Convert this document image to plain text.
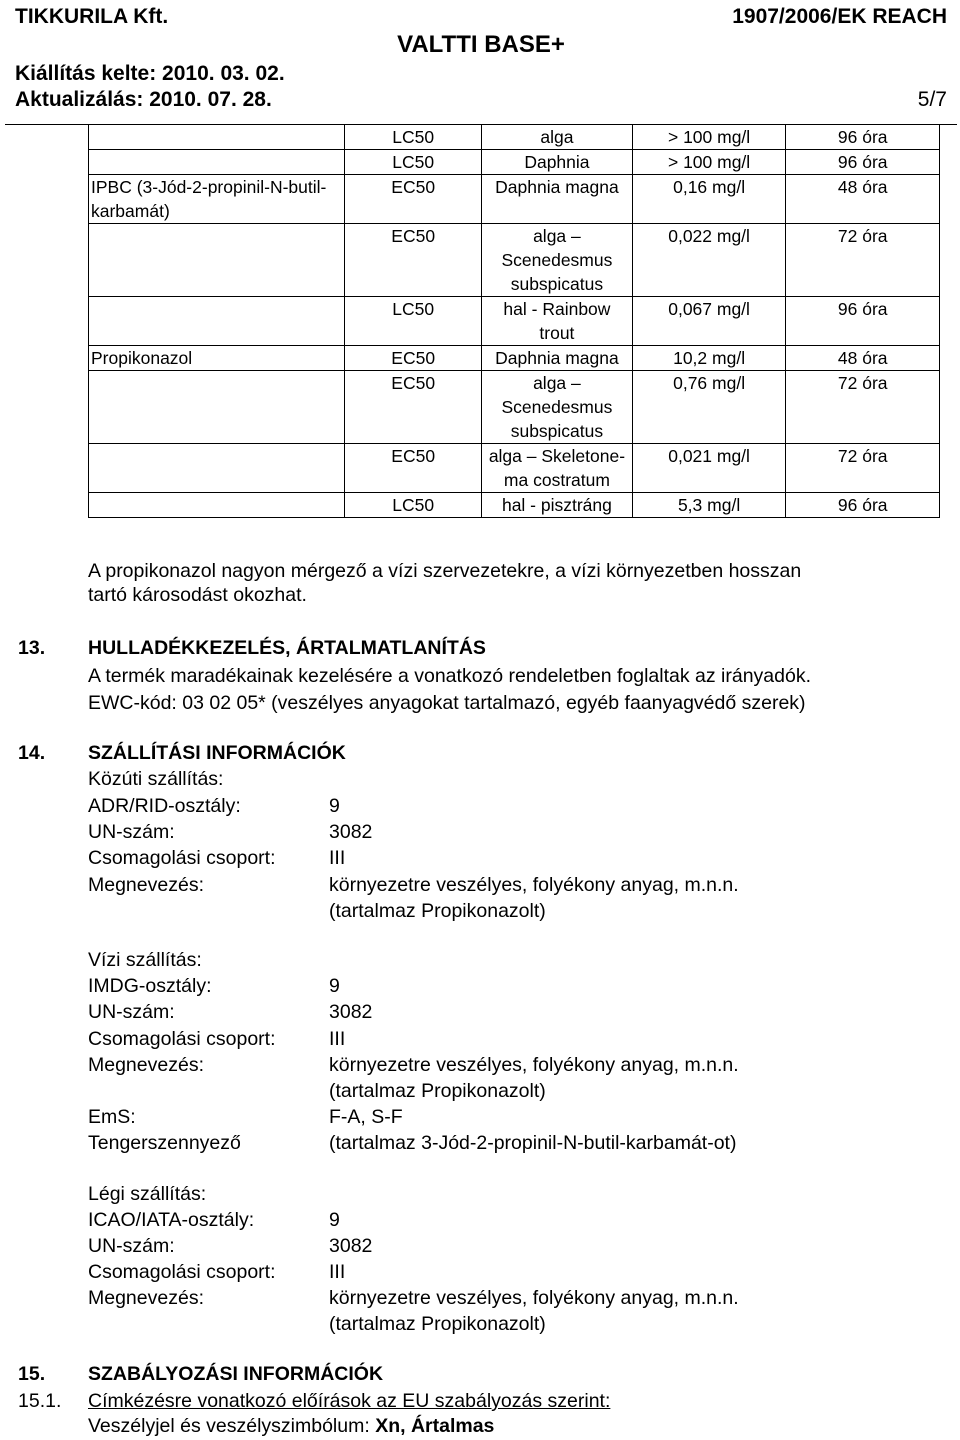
TIKKURILA Kft.	1907/2006/EK REACH
VALTTI BASE+
Kiállítás kelte: 2010. 03. 02.
Aktualizálás: 2010. 07. 28.	5/7
	LC50	alga	> 100 mg/l	96 óra
	LC50	Daphnia	> 100 mg/l	96 óra
IPBC (3-Jód-2-propinil-N-butil-karbamát)	EC50	Daphnia magna	0,16 mg/l	48 óra
	EC50	alga – Scenedesmus subspicatus	0,022 mg/l	72 óra
	LC50	hal - Rainbow trout	0,067 mg/l	96 óra
Propikonazol	EC50	Daphnia magna	10,2 mg/l	48 óra
	EC50	alga – Scenedesmus subspicatus	0,76 mg/l	72 óra
	EC50	alga – Skeletone-ma costratum	0,021 mg/l	72 óra
	LC50	hal - pisztráng	5,3 mg/l	96 óra
A propikonazol nagyon mérgező a vízi szervezetekre, a vízi környezetben hosszan
tartó károsodást okozhat.
13. HULLADÉKKEZELÉS, ÁRTALMATLANÍTÁS
A termék maradékainak kezelésére a vonatkozó rendeletben foglaltak az irányadók.
EWC-kód: 03 02 05* (veszélyes anyagokat tartalmazó, egyéb faanyagvédő szerek)
14. SZÁLLÍTÁSI INFORMÁCIÓK
Közúti szállítás:
ADR/RID-osztály:	9
UN-szám:	3082
Csomagolási csoport:	III
Megnevezés:	környezetre veszélyes, folyékony anyag, m.n.n.
(tartalmaz Propikonazolt)
Vízi szállítás:
IMDG-osztály:	9
UN-szám:	3082
Csomagolási csoport:	III
Megnevezés:	környezetre veszélyes, folyékony anyag, m.n.n.
(tartalmaz Propikonazolt)
EmS:	F-A, S-F
Tengerszennyező	(tartalmaz 3-Jód-2-propinil-N-butil-karbamát-ot)
Légi szállítás:
ICAO/IATA-osztály:	9
UN-szám:	3082
Csomagolási csoport:	III
Megnevezés:	környezetre veszélyes, folyékony anyag, m.n.n.
(tartalmaz Propikonazolt)
15. SZABÁLYOZÁSI INFORMÁCIÓK
15.1. Címkézésre vonatkozó előírások az EU szabályozás szerint:
Veszélyjel és veszélyszimbólum: Xn, Ártalmas
